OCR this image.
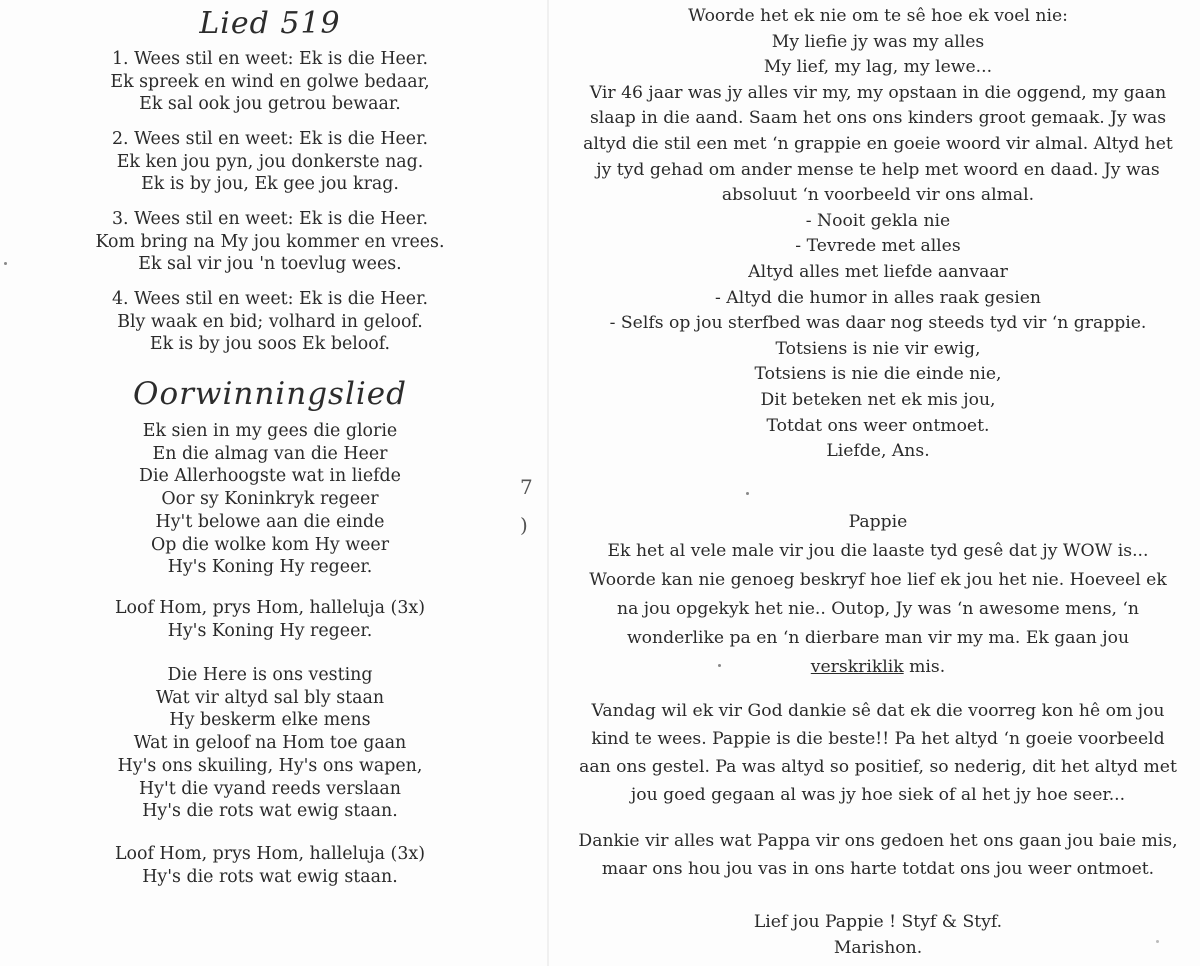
Lied 519
1. Wees stil en weet: Ek is die Heer.
Ek spreek en wind en golwe bedaar,
Ek sal ook jou getrou bewaar.
2. Wees stil en weet: Ek is die Heer.
Ek ken jou pyn, jou donkerste nag.
Ek is by jou, Ek gee jou krag.
3. Wees stil en weet: Ek is die Heer.
Kom bring na My jou kommer en vrees.
Ek sal vir jou 'n toevlug wees.
4. Wees stil en weet: Ek is die Heer.
Bly waak en bid; volhard in geloof.
Ek is by jou soos Ek beloof.
Oorwinningslied
Ek sien in my gees die glorie
En die almag van die Heer
Die Allerhoogste wat in liefde
Oor sy Koninkryk regeer
Hy't belowe aan die einde
Op die wolke kom Hy weer
Hy's Koning Hy regeer.
Loof Hom, prys Hom, halleluja (3x)
Hy's Koning Hy regeer.
Die Here is ons vesting
Wat vir altyd sal bly staan
Hy beskerm elke mens
Wat in geloof na Hom toe gaan
Hy's ons skuiling, Hy's ons wapen,
Hy't die vyand reeds verslaan
Hy's die rots wat ewig staan.
Loof Hom, prys Hom, halleluja (3x)
Hy's die rots wat ewig staan.
7
)
Woorde het ek nie om te sê hoe ek voel nie:
My liefie jy was my alles
My lief, my lag, my lewe...
Vir 46 jaar was jy alles vir my, my opstaan in die oggend, my gaan
slaap in die aand. Saam het ons ons kinders groot gemaak. Jy was
altyd die stil een met ‘n grappie en goeie woord vir almal. Altyd het
jy tyd gehad om ander mense te help met woord en daad. Jy was
absoluut ‘n voorbeeld vir ons almal.
- Nooit gekla nie
- Tevrede met alles
Altyd alles met liefde aanvaar
- Altyd die humor in alles raak gesien
- Selfs op jou sterfbed was daar nog steeds tyd vir ‘n grappie.
Totsiens is nie vir ewig,
Totsiens is nie die einde nie,
Dit beteken net ek mis jou,
Totdat ons weer ontmoet.
Liefde, Ans.
Pappie
Ek het al vele male vir jou die laaste tyd gesê dat jy WOW is...
Woorde kan nie genoeg beskryf hoe lief ek jou het nie. Hoeveel ek
na jou opgekyk het nie.. Outop, Jy was ‘n awesome mens, ‘n
wonderlike pa en ‘n dierbare man vir my ma. Ek gaan jou
verskriklik mis.
Vandag wil ek vir God dankie sê dat ek die voorreg kon hê om jou
kind te wees. Pappie is die beste!! Pa het altyd ‘n goeie voorbeeld
aan ons gestel. Pa was altyd so positief, so nederig, dit het altyd met
jou goed gegaan al was jy hoe siek of al het jy hoe seer...
Dankie vir alles wat Pappa vir ons gedoen het ons gaan jou baie mis,
maar ons hou jou vas in ons harte totdat ons jou weer ontmoet.
Lief jou Pappie ! Styf & Styf.
Marishon.
